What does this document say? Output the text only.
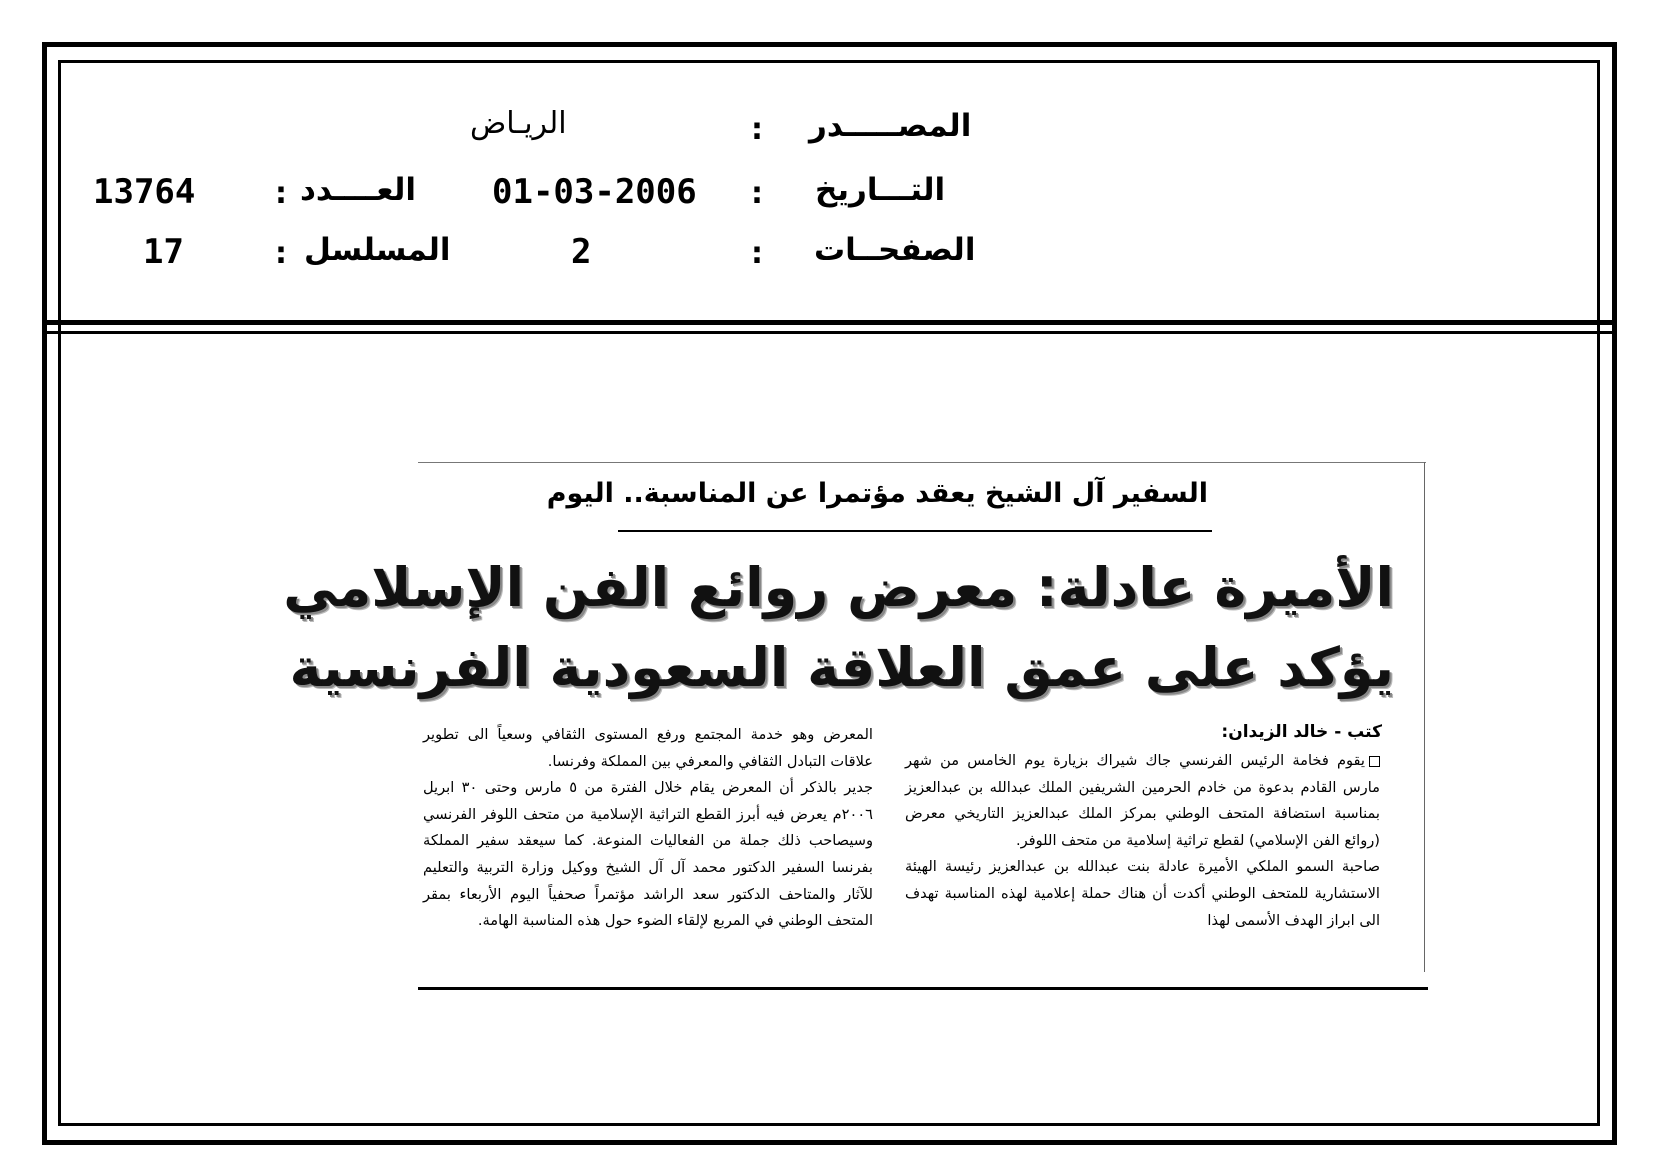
المصـــــدر
:
الريـاض
التـــاريخ
:
01-03-2006
الصفحــات
:
2
العــــدد
:
13764
المسلسل
:
17
السفير آل الشيخ يعقد مؤتمرا عن المناسبة.. اليوم
الأميرة عادلة: معرض روائع الفن الإسلامي
يؤكد على عمق العلاقة السعودية الفرنسية
كتب - خالد الزيدان:

يقوم فخامة الرئيس الفرنسي جاك شيراك بزيارة يوم الخامس من شهر مارس القادم بدعوة من خادم الحرمين الشريفين الملك عبدالله بن عبدالعزيز بمناسبة استضافة المتحف الوطني بمركز الملك عبدالعزيز التاريخي معرض (روائع الفن الإسلامي) لقطع تراثية إسلامية من متحف اللوفر.

صاحبة السمو الملكي الأميرة عادلة بنت عبدالله بن عبدالعزيز رئيسة الهيئة الاستشارية للمتحف الوطني أكدت أن هناك حملة إعلامية لهذه المناسبة تهدف الى ابراز الهدف الأسمى لهذا

المعرض وهو خدمة المجتمع ورفع المستوى الثقافي وسعياً الى تطوير علاقات التبادل الثقافي والمعرفي بين المملكة وفرنسا.

جدير بالذكر أن المعرض يقام خلال الفترة من ٥ مارس وحتى ٣٠ ابريل ٢٠٠٦م يعرض فيه أبرز القطع التراثية الإسلامية من متحف اللوفر الفرنسي وسيصاحب ذلك جملة من الفعاليات المنوعة. كما سيعقد سفير المملكة بفرنسا السفير الدكتور محمد آل آل الشيخ ووكيل وزارة التربية والتعليم للآثار والمتاحف الدكتور سعد الراشد مؤتمراً صحفياً اليوم الأربعاء بمقر المتحف الوطني في المربع لإلقاء الضوء حول هذه المناسبة الهامة.
